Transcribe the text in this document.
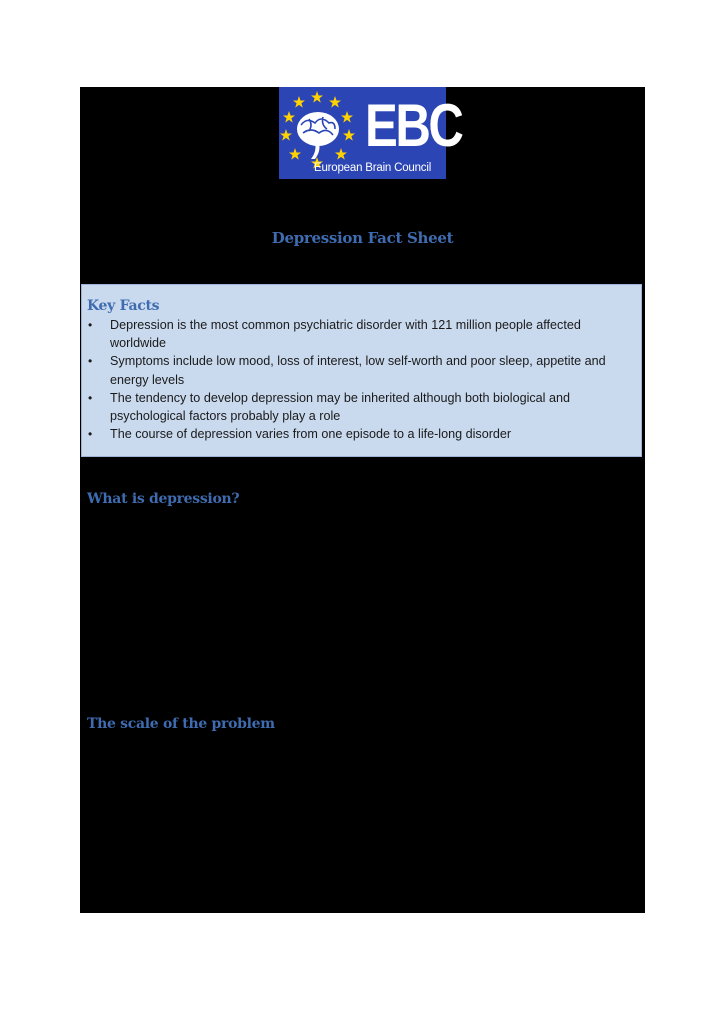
EBC
European Brain Council
Depression Fact Sheet
Key Facts
• Depression is the most common psychiatric disorder with 121 million people affected worldwide
• Symptoms include low mood, loss of interest, low self-worth and poor sleep, appetite and energy levels
• The tendency to develop depression may be inherited although both biological and psychological factors probably play a role
• The course of depression varies from one episode to a life-long disorder
What is depression?
The scale of the problem
